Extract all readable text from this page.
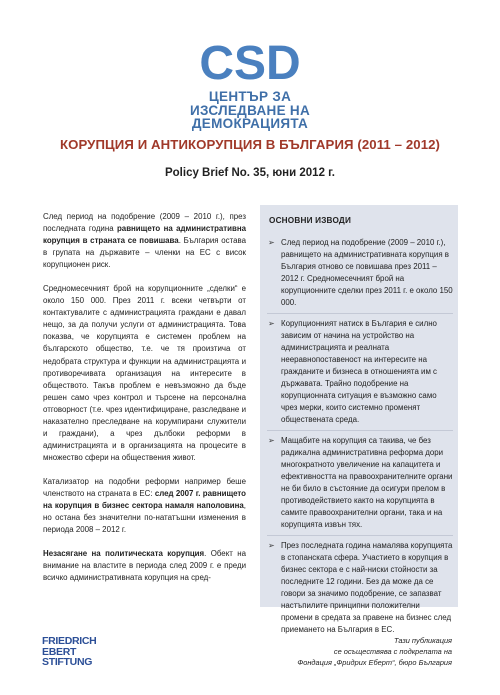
CSD
ЦЕНТЪР ЗА
ИЗСЛЕДВАНЕ НА
ДЕМОКРАЦИЯТА
КОРУПЦИЯ И АНТИКОРУПЦИЯ В БЪЛГАРИЯ (2011 – 2012)
Policy Brief No. 35, юни 2012 г.

След период на подобрение (2009 – 2010 г.), през последната година равнището на административна корупция в страната се повишава. България остава в групата на държавите – членки на ЕС с висок корупционен риск.

Средномесечният брой на корупционните „сделки“ е около 150 000. През 2011 г. всеки четвърти от контактувалите с администрацията граждани е давал нещо, за да получи услуги от администрацията. Това показва, че корупцията е системен проблем на българското общество, т.е. че тя произтича от недобрата структура и функции на администрацията и противоречивата организация на интересите в обществото. Такъв проблем е невъзможно да бъде решен само чрез контрол и търсене на персонална отговорност (т.е. чрез идентифициране, разследване и наказателно преследване на корумпирани служители и граждани), а чрез дълбоки реформи в администрацията и в организацията на процесите в множество сфери на обществения живот.

Катализатор на подобни реформи например беше членството на страната в ЕС: след 2007 г. равнището на корупция в бизнес сектора намаля наполовина, но остана без значителни по-нататъшни изменения в периода 2008 – 2012 г.

Незасягане на политическата корупция. Обект на внимание на властите в периода след 2009 г. е преди всичко административната корупция на сред-

ОСНОВНИ ИЗВОДИ
➢ След период на подобрение (2009 – 2010 г.), равнището на административната корупция в България отново се повишава през 2011 – 2012 г. Средномесечният брой на корупционните сделки през 2011 г. е около 150 000.
➢ Корупционният натиск в България е силно зависим от начина на устройство на администрацията и реалната нееравнопоставеност на интересите на гражданите и бизнеса в отношенията им с държавата. Трайно подобрение на корупционната ситуация е възможно само чрез мерки, които системно променят обществената среда.
➢ Мащабите на корупция са такива, че без радикална административна реформа дори многократното увеличение на капацитета и ефективността на правоохранителните органи не би било в състояние да осигури прелом в противодействието както на корупцията в самите правоохранителни органи, така и на корупцията извън тях.
➢ През последната година намалява корупцията в стопанската сфера. Участието в корупция в бизнес сектора е с най-ниски стойности за последните 12 години. Без да може да се говори за значимо подобрение, се запазват настъпилите принципни положителни промени в средата за правене на бизнес след приемането на България в ЕС.
FRIEDRICH
EBERT
STIFTUNG
Тази публикация
се осъществява с подкрепата на
Фондация „Фридрих Еберт“, бюро България
